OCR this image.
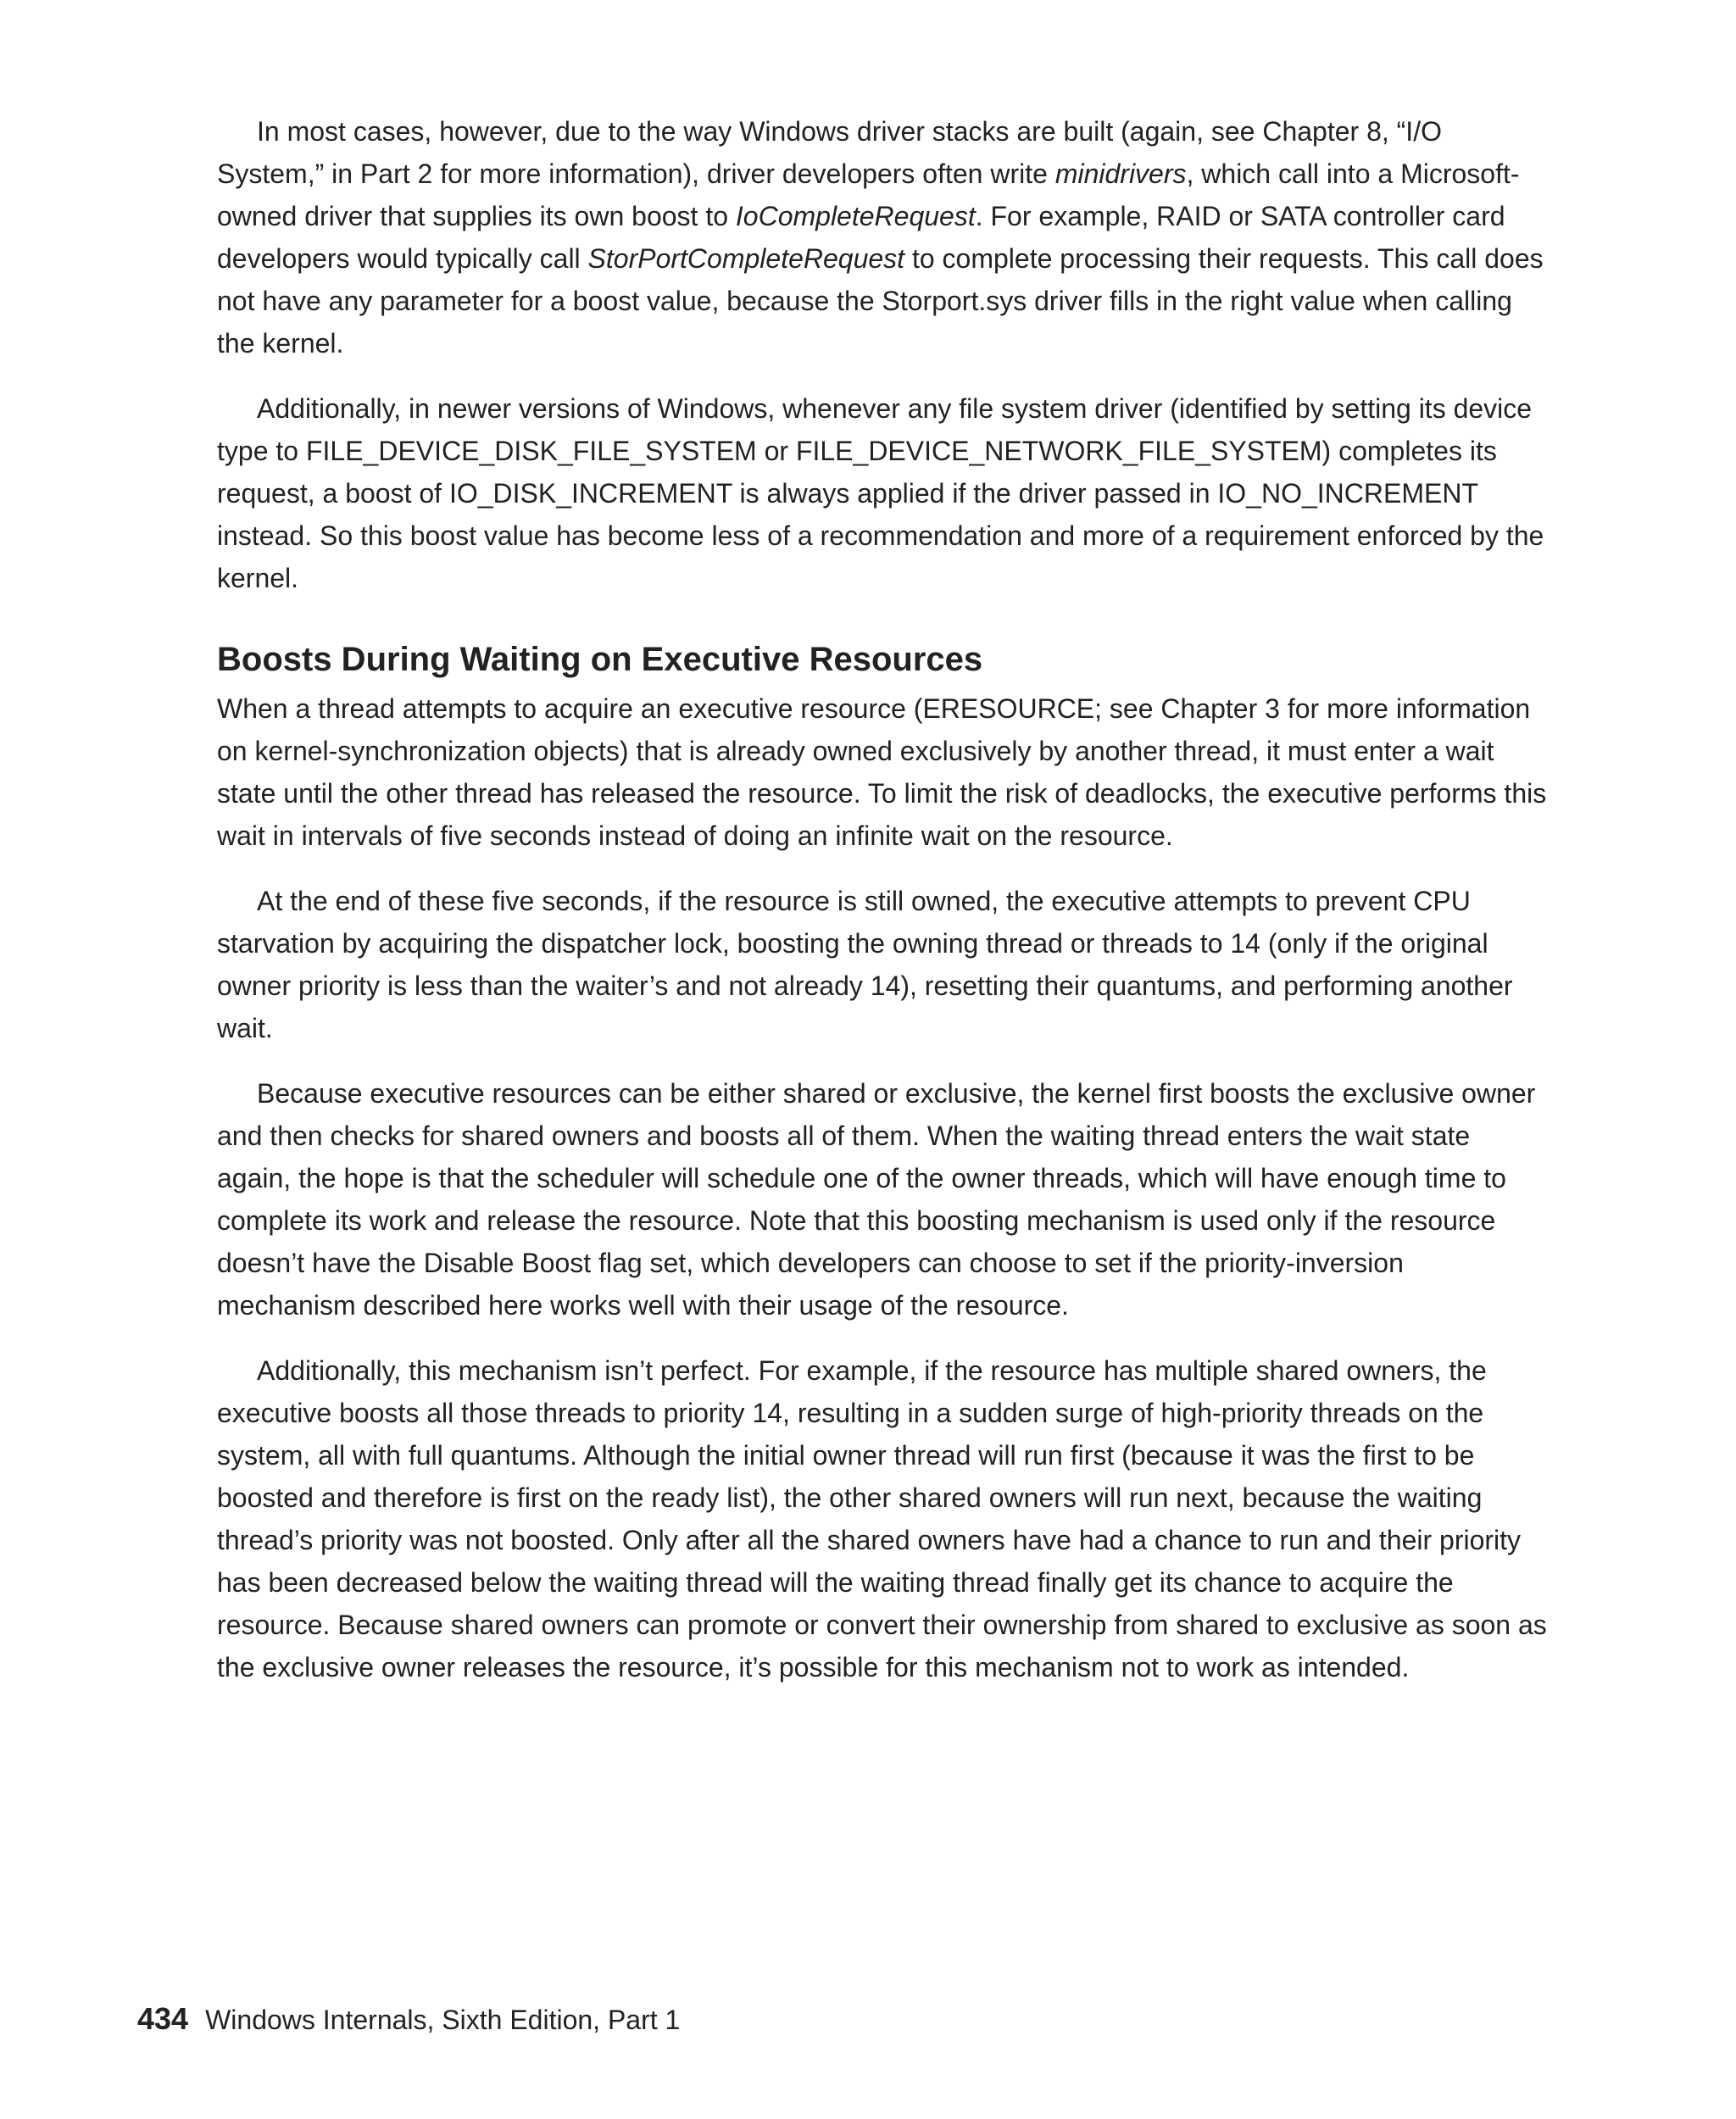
In most cases, however, due to the way Windows driver stacks are built (again, see Chapter 8, “I/O System,” in Part 2 for more information), driver developers often write minidrivers, which call into a Microsoft-owned driver that supplies its own boost to IoCompleteRequest. For example, RAID or SATA controller card developers would typically call StorPortCompleteRequest to complete processing their requests. This call does not have any parameter for a boost value, because the Storport.sys driver fills in the right value when calling the kernel.

Additionally, in newer versions of Windows, whenever any file system driver (identified by setting its device type to FILE_DEVICE_DISK_FILE_SYSTEM or FILE_DEVICE_NETWORK_FILE_SYSTEM) completes its request, a boost of IO_DISK_INCREMENT is always applied if the driver passed in IO_NO_INCREMENT instead. So this boost value has become less of a recommendation and more of a requirement enforced by the kernel.

Boosts During Waiting on Executive Resources

When a thread attempts to acquire an executive resource (ERESOURCE; see Chapter 3 for more information on kernel-synchronization objects) that is already owned exclusively by another thread, it must enter a wait state until the other thread has released the resource. To limit the risk of deadlocks, the executive performs this wait in intervals of five seconds instead of doing an infinite wait on the resource.

At the end of these five seconds, if the resource is still owned, the executive attempts to prevent CPU starvation by acquiring the dispatcher lock, boosting the owning thread or threads to 14 (only if the original owner priority is less than the waiter’s and not already 14), resetting their quantums, and performing another wait.

Because executive resources can be either shared or exclusive, the kernel first boosts the exclusive owner and then checks for shared owners and boosts all of them. When the waiting thread enters the wait state again, the hope is that the scheduler will schedule one of the owner threads, which will have enough time to complete its work and release the resource. Note that this boosting mechanism is used only if the resource doesn’t have the Disable Boost flag set, which developers can choose to set if the priority-inversion mechanism described here works well with their usage of the resource.

Additionally, this mechanism isn’t perfect. For example, if the resource has multiple shared owners, the executive boosts all those threads to priority 14, resulting in a sudden surge of high-priority threads on the system, all with full quantums. Although the initial owner thread will run first (because it was the first to be boosted and therefore is first on the ready list), the other shared owners will run next, because the waiting thread’s priority was not boosted. Only after all the shared owners have had a chance to run and their priority has been decreased below the waiting thread will the waiting thread finally get its chance to acquire the resource. Because shared owners can promote or convert their ownership from shared to exclusive as soon as the exclusive owner releases the resource, it’s possible for this mechanism not to work as intended.

434 Windows Internals, Sixth Edition, Part 1
